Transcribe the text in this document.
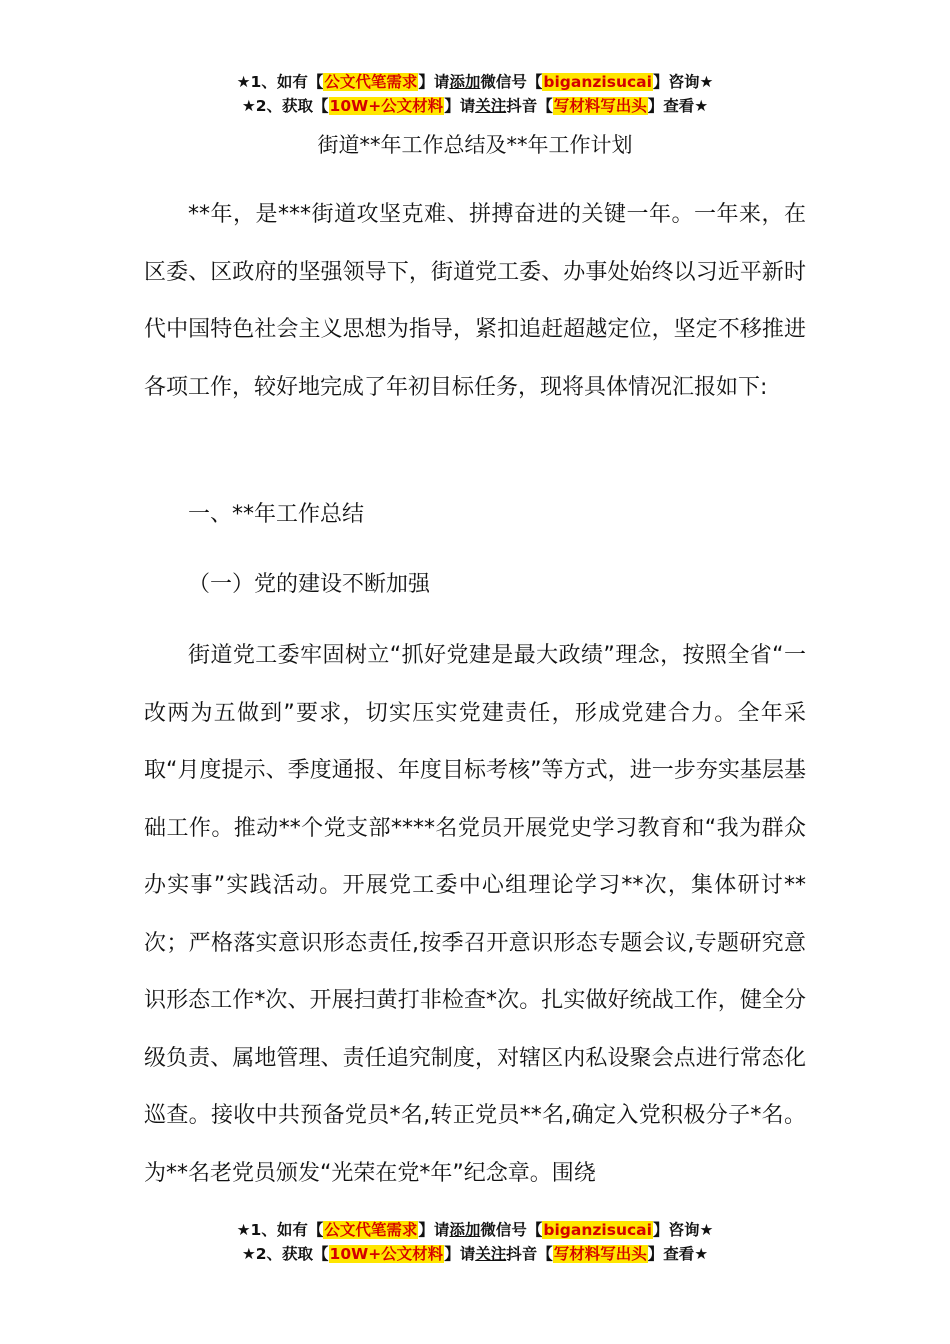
★1、如有【公文代笔需求】请添加微信号【biganzisucai】咨询★
★2、获取【10W+公文材料】请关注抖音【写材料写出头】查看★
街道**年工作总结及**年工作计划
**年，是***街道攻坚克难、拼搏奋进的关键一年。一年来，在区委、区政府的坚强领导下，街道党工委、办事处始终以习近平新时代中国特色社会主义思想为指导，紧扣追赶超越定位，坚定不移推进各项工作，较好地完成了年初目标任务，现将具体情况汇报如下:
一、**年工作总结
（一）党的建设不断加强
街道党工委牢固树立“抓好党建是最大政绩”理念，按照全省“一改两为五做到”要求，切实压实党建责任，形成党建合力。全年采取“月度提示、季度通报、年度目标考核”等方式，进一步夯实基层基础工作。推动**个党支部****名党员开展党史学习教育和“我为群众办实事”实践活动。开展党工委中心组理论学习**次，集体研讨**次；严格落实意识形态责任,按季召开意识形态专题会议,专题研究意识形态工作*次、开展扫黄打非检查*次。扎实做好统战工作，健全分级负责、属地管理、责任追究制度，对辖区内私设聚会点进行常态化巡查。接收中共预备党员*名,转正党员**名,确定入党积极分子*名。为**名老党员颁发“光荣在党*年”纪念章。围绕
★1、如有【公文代笔需求】请添加微信号【biganzisucai】咨询★
★2、获取【10W+公文材料】请关注抖音【写材料写出头】查看★
